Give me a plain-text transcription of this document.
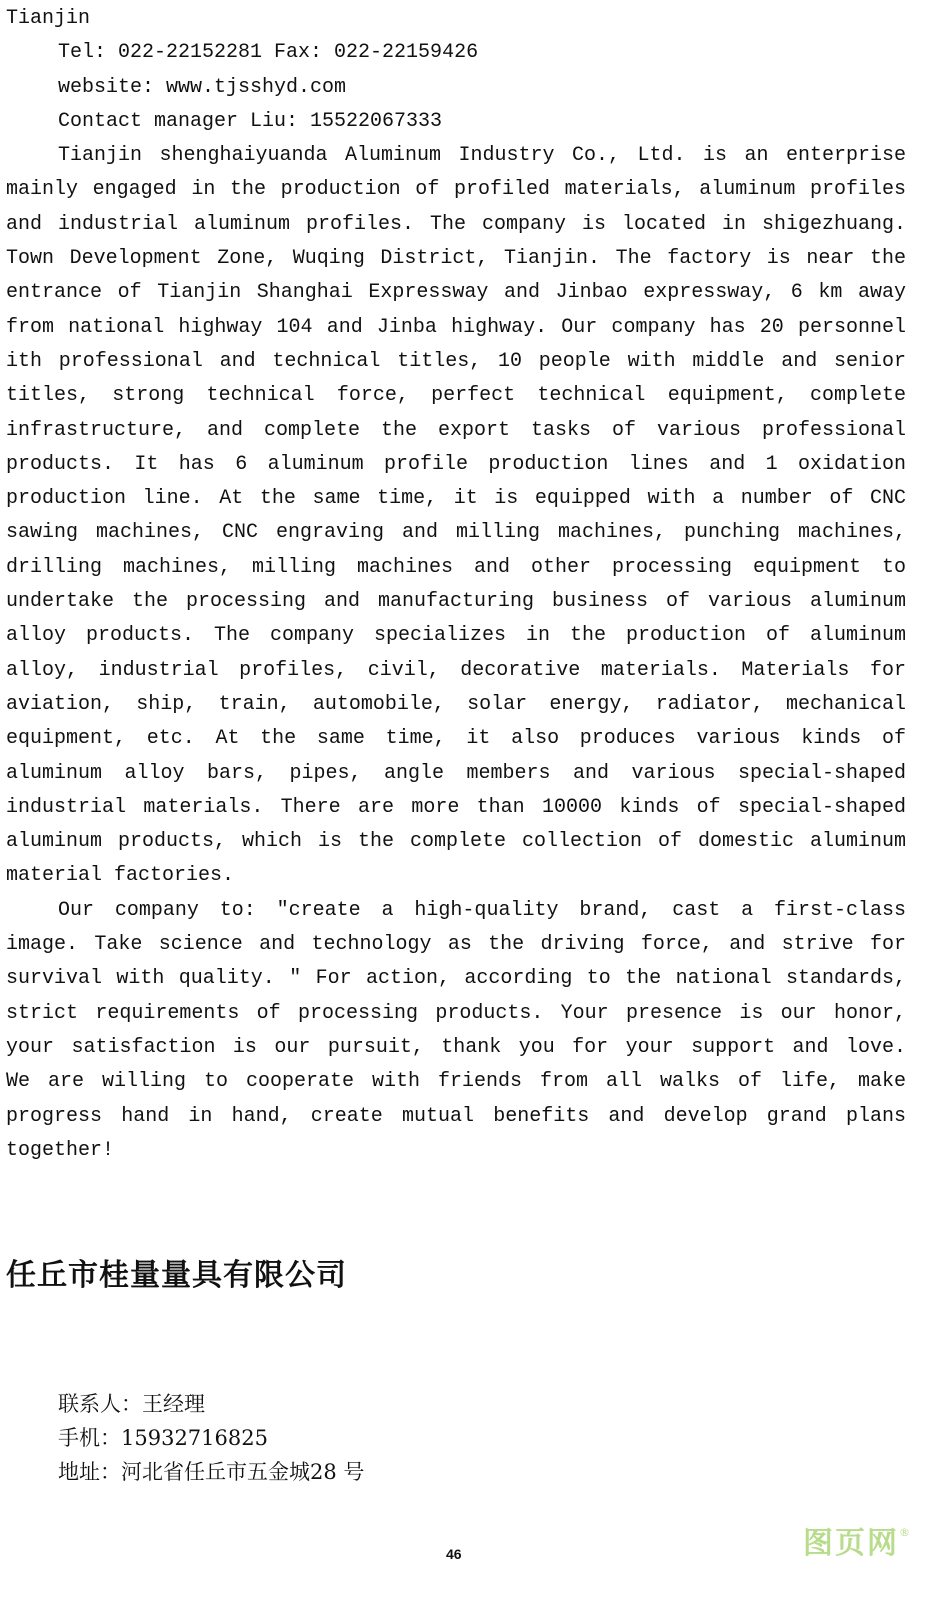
Tianjin
Tel: 022-22152281 Fax: 022-22159426
website: www.tjsshyd.com
Contact manager Liu: 15522067333
Tianjin shenghaiyuanda Aluminum Industry Co., Ltd. is an enterprise
mainly engaged in the production of profiled materials, aluminum profiles
and industrial aluminum profiles. The company is located in shigezhuang.
Town Development Zone, Wuqing District, Tianjin. The factory is near the
entrance of Tianjin Shanghai Expressway and Jinbao expressway, 6 km away
from national highway 104 and Jinba highway. Our company has 20 personnel
ith professional and technical titles, 10 people with middle and senior
titles, strong technical force, perfect technical equipment, complete
infrastructure, and complete the export tasks of various professional
products. It has 6 aluminum profile production lines and 1 oxidation
production line. At the same time, it is equipped with a number of CNC
sawing machines, CNC engraving and milling machines, punching machines,
drilling machines, milling machines and other processing equipment to
undertake the processing and manufacturing business of various aluminum
alloy products. The company specializes in the production of aluminum
alloy, industrial profiles, civil, decorative materials. Materials for
aviation, ship, train, automobile, solar energy, radiator, mechanical
equipment, etc. At the same time, it also produces various kinds of
aluminum alloy bars, pipes, angle members and various special-shaped
industrial materials. There are more than 10000 kinds of special-shaped
aluminum products, which is the complete collection of domestic aluminum
material factories.
Our company to: "create a high-quality brand, cast a first-class
image. Take science and technology as the driving force, and strive for
survival with quality. " For action, according to the national standards,
strict requirements of processing products. Your presence is our honor,
your satisfaction is our pursuit, thank you for your support and love.
We are willing to cooperate with friends from all walks of life, make
progress hand in hand, create mutual benefits and develop grand plans
together!
任丘市桂量量具有限公司
联系人：王经理
手机：15932716825
地址：河北省任丘市五金城28 号
46	图页网®
